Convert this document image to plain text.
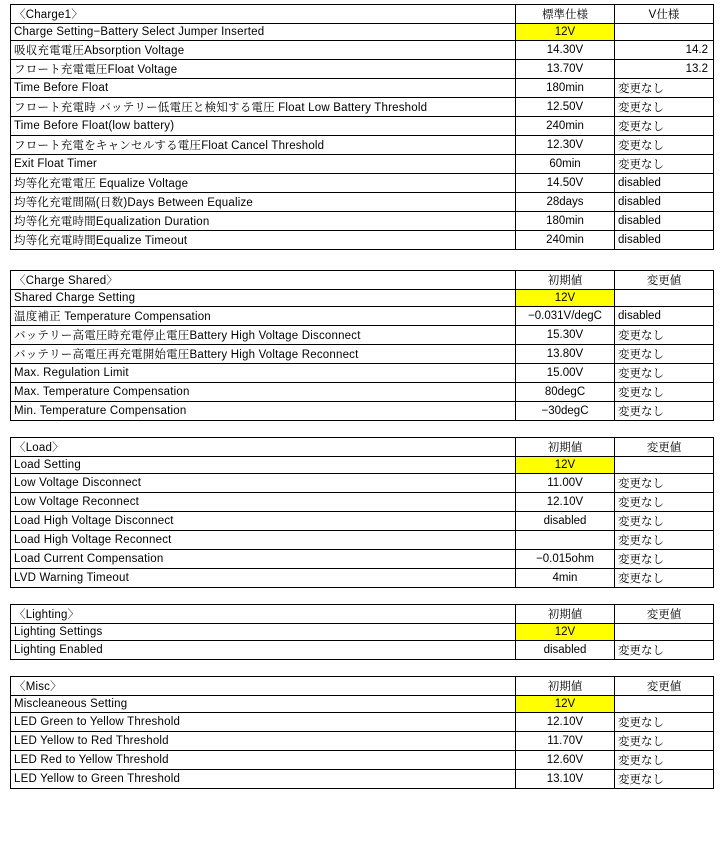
〈Charge1〉	標準仕様	V仕様
Charge Setting−Battery Select Jumper Inserted	12V	
吸収充電電圧Absorption Voltage	14.30V	14.2
フロート充電電圧Float Voltage	13.70V	13.2
Time Before Float	180min	変更なし
フロート充電時 バッテリー低電圧と検知する電圧 Float Low Battery Threshold	12.50V	変更なし
Time Before Float(low battery)	240min	変更なし
フロート充電をキャンセルする電圧Float Cancel Threshold	12.30V	変更なし
Exit Float Timer	60min	変更なし
均等化充電電圧 Equalize Voltage	14.50V	disabled
均等化充電間隔(日数)Days Between Equalize	28days	disabled
均等化充電時間Equalization Duration	180min	disabled
均等化充電時間Equalize Timeout	240min	disabled
〈Charge Shared〉	初期値	変更値
Shared Charge Setting	12V	
温度補正 Temperature Compensation	−0.031V/degC	disabled
バッテリー高電圧時充電停止電圧Battery High Voltage Disconnect	15.30V	変更なし
バッテリー高電圧再充電開始電圧Battery High Voltage Reconnect	13.80V	変更なし
Max. Regulation Limit	15.00V	変更なし
Max. Temperature Compensation	80degC	変更なし
Min. Temperature Compensation	−30degC	変更なし
〈Load〉	初期値	変更値
Load Setting	12V	
Low Voltage Disconnect	11.00V	変更なし
Low Voltage Reconnect	12.10V	変更なし
Load High Voltage Disconnect	disabled	変更なし
Load High Voltage Reconnect		変更なし
Load Current Compensation	−0.015ohm	変更なし
LVD Warning Timeout	4min	変更なし
〈Lighting〉	初期値	変更値
Lighting Settings	12V	
Lighting Enabled	disabled	変更なし
〈Misc〉	初期値	変更値
Miscleaneous Setting	12V	
LED Green to Yellow Threshold	12.10V	変更なし
LED Yellow to Red Threshold	11.70V	変更なし
LED Red to Yellow Threshold	12.60V	変更なし
LED Yellow to Green Threshold	13.10V	変更なし
